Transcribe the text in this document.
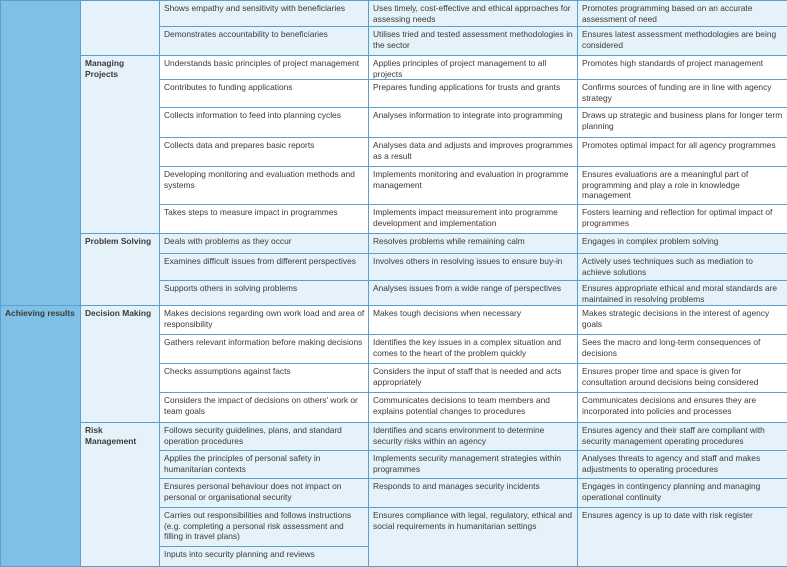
		Shows empathy and sensitivity with beneficiaries	Uses timely, cost-effective and ethical approaches for assessing needs	Promotes programming based on an accurate assessment of need
		Demonstrates accountability to beneficiaries	Utilises tried and tested assessment methodologies in the sector	Ensures latest assessment methodologies are being considered
	Managing Projects	Understands basic principles of project management	Applies principles of project management to all projects	Promotes high standards of project management
		Contributes to funding applications	Prepares funding applications for trusts and grants	Confirms sources of funding are in line with agency strategy
		Collects information to feed into planning cycles	Analyses information to integrate into programming	Draws up strategic and business plans for longer term planning
		Collects data and prepares basic reports	Analyses data and adjusts and improves programmes as a result	Promotes optimal impact for all agency programmes
		Developing monitoring and evaluation methods and systems	Implements monitoring and evaluation in programme management	Ensures evaluations are a meaningful part of programming and play a role in knowledge management
		Takes steps to measure impact in programmes	Implements impact measurement into programme development and implementation	Fosters learning and reflection for optimal impact of programmes
	Problem Solving	Deals with problems as they occur	Resolves problems while remaining calm	Engages in complex problem solving
		Examines difficult issues from different perspectives	Involves others in resolving issues to ensure buy-in	Actively uses techniques such as mediation to achieve solutions
		Supports others in solving problems	Analyses issues from a wide range of perspectives	Ensures appropriate ethical and moral standards are maintained in resolving problems
Achieving results	Decision Making	Makes decisions regarding own work load and area of responsibility	Makes tough decisions when necessary	Makes strategic decisions in the interest of agency goals
		Gathers relevant information before making decisions	Identifies the key issues in a complex situation and comes to the heart of the problem quickly	Sees the macro and long-term consequences of decisions
		Checks assumptions against facts	Considers the input of staff that is needed and acts appropriately	Ensures proper time and space is given for consultation around decisions being considered
		Considers the impact of decisions on others' work or team goals	Communicates decisions to team members and explains potential changes to procedures	Communicates decisions and ensures they are incorporated into policies and processes
	Risk Management	Follows security guidelines, plans, and standard operation procedures	Identifies and scans environment to determine security risks within an agency	Ensures agency and their staff are compliant with security management operating procedures
		Applies the principles of personal safety in humanitarian contexts	Implements security management strategies within programmes	Analyses threats to agency and staff and makes adjustments to operating procedures
		Ensures personal behaviour does not impact on personal or organisational security	Responds to and manages security incidents	Engages in contingency planning and managing operational continuity
		Carries out responsibilities and follows instructions (e.g. completing a personal risk assessment and filling in travel plans)	Ensures compliance with legal, regulatory, ethical and social requirements in humanitarian settings	Ensures agency is up to date with risk register
		Inputs into security planning and reviews		
